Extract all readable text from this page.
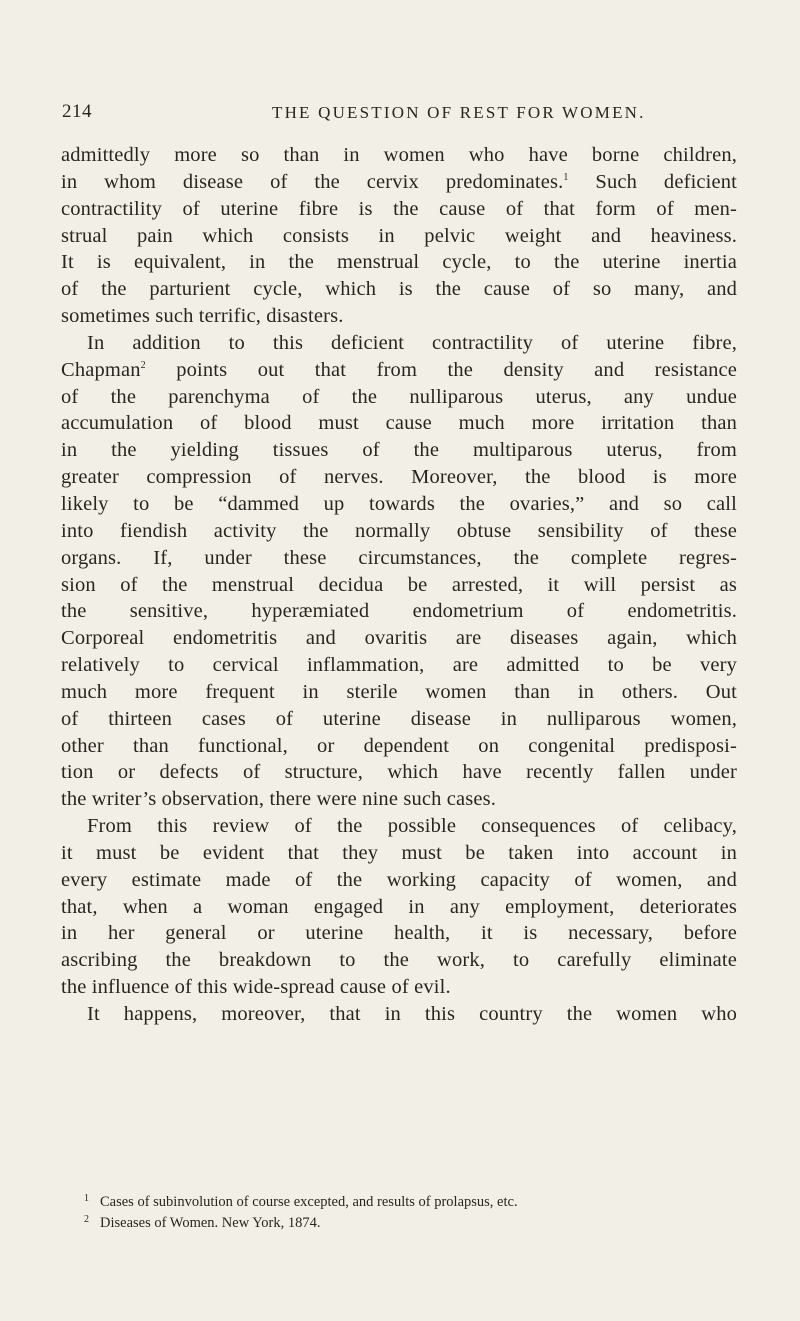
214	THE QUESTION OF REST FOR WOMEN.
admittedly more so than in women who have borne children,
in whom disease of the cervix predominates.$^1$ Such deficient
contractility of uterine fibre is the cause of that form of men-
strual pain which consists in pelvic weight and heaviness.
It is equivalent, in the menstrual cycle, to the uterine inertia
of the parturient cycle, which is the cause of so many, and
sometimes such terrific, disasters.
In addition to this deficient contractility of uterine fibre,
Chapman$^2$ points out that from the density and resistance
of the parenchyma of the nulliparous uterus, any undue
accumulation of blood must cause much more irritation than
in the yielding tissues of the multiparous uterus, from
greater compression of nerves. Moreover, the blood is more
likely to be “dammed up towards the ovaries,” and so call
into fiendish activity the normally obtuse sensibility of these
organs. If, under these circumstances, the complete regres-
sion of the menstrual decidua be arrested, it will persist as
the sensitive, hyperæmiated endometrium of endometritis.
Corporeal endometritis and ovaritis are diseases again, which
relatively to cervical inflammation, are admitted to be very
much more frequent in sterile women than in others. Out
of thirteen cases of uterine disease in nulliparous women,
other than functional, or dependent on congenital predisposi-
tion or defects of structure, which have recently fallen under
the writer’s observation, there were nine such cases.
From this review of the possible consequences of celibacy,
it must be evident that they must be taken into account in
every estimate made of the working capacity of women, and
that, when a woman engaged in any employment, deteriorates
in her general or uterine health, it is necessary, before
ascribing the breakdown to the work, to carefully eliminate
the influence of this wide-spread cause of evil.
It happens, moreover, that in this country the women who
1 Cases of subinvolution of course excepted, and results of prolapsus, etc.
2 Diseases of Women. New York, 1874.
